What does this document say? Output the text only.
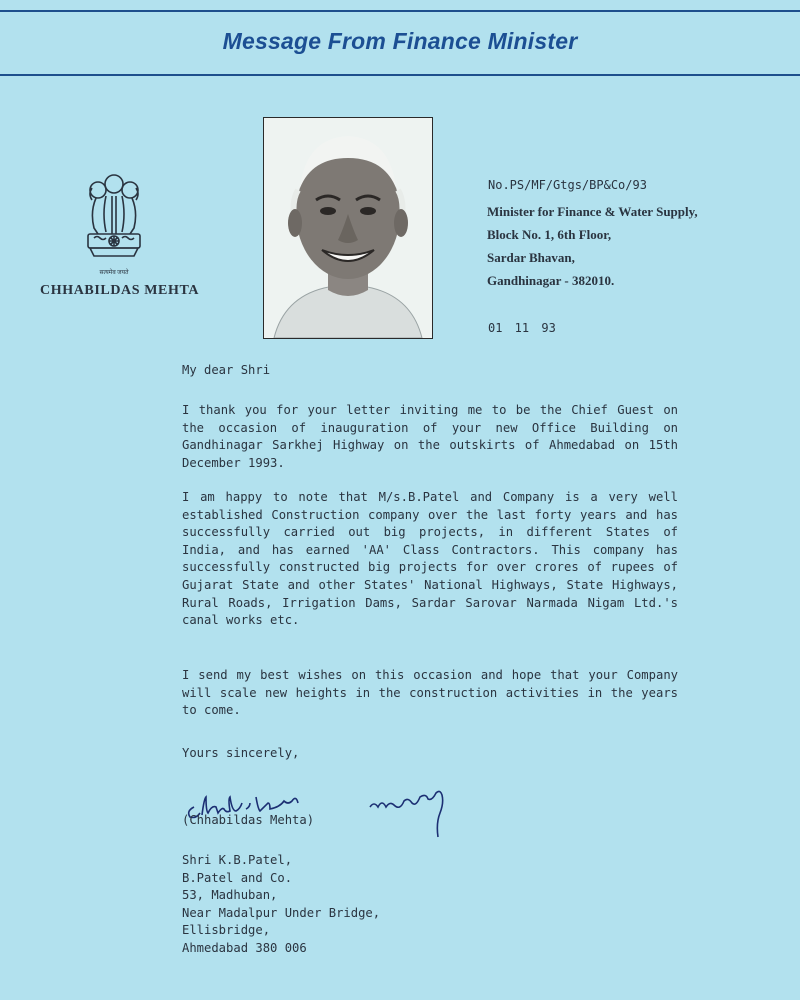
Message From Finance Minister
सत्यमेव जयते
CHHABILDAS MEHTA
No.PS/MF/Gtgs/BP&Co/93
Minister for Finance & Water Supply,
Block No. 1, 6th Floor,
Sardar Bhavan,
Gandhinagar - 382010.
01 11 93

My dear Shri

I thank you for your letter inviting me to be the Chief Guest on the occasion of inauguration of your new Office Building on Gandhinagar Sarkhej Highway on the outskirts of Ahmedabad on 15th December 1993.

I am happy to note that M/s.B.Patel and Company is a very well established Construction company over the last forty years and has successfully carried out big projects, in different States of India, and has earned 'AA' Class Contractors. This company has successfully constructed big projects for over crores of rupees of Gujarat State and other States' National Highways, State Highways, Rural Roads, Irrigation Dams, Sardar Sarovar Narmada Nigam Ltd.'s canal works etc.

I send my best wishes on this occasion and hope that your Company will scale new heights in the construction activities in the years to come.

Yours sincerely,

(Chhabildas Mehta)

Shri K.B.Patel,
B.Patel and Co.
53, Madhuban,
Near Madalpur Under Bridge,
Ellisbridge,
Ahmedabad 380 006
